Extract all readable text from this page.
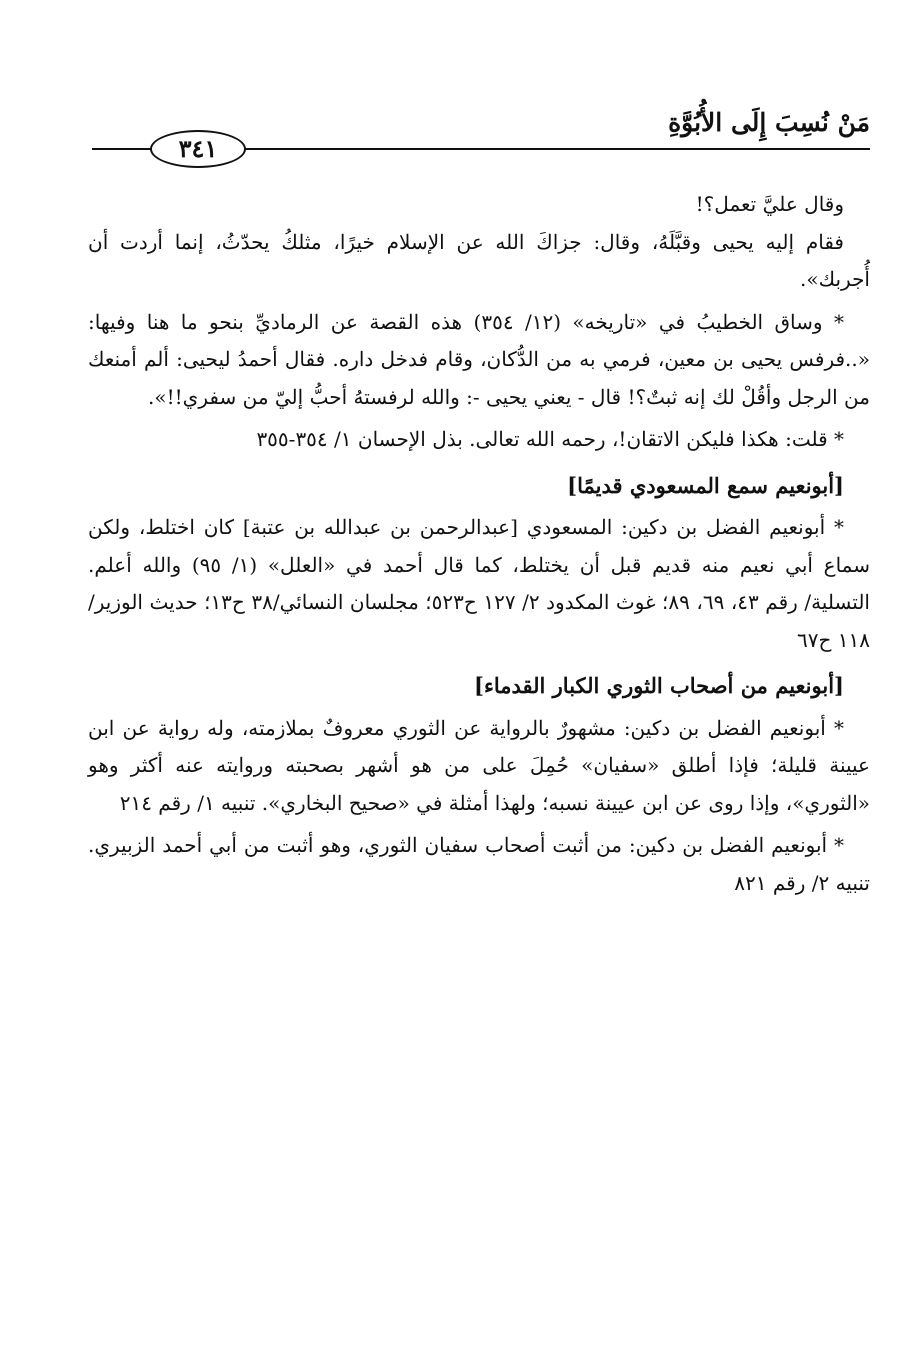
مَنْ نُسِبَ إِلَى الأُبُوَّةِ
٣٤١

وقال عليَّ تعمل؟!

فقام إليه يحيى وقبَّلَهُ، وقال: جزاكَ الله عن الإسلام خيرًا، مثلكُ يحدّثُ، إنما أردت أن أُجربك».

* وساق الخطيبُ في «تاريخه» (١٢/ ٣٥٤) هذه القصة عن الرماديِّ بنحو ما هنا وفيها: «..فرفس يحيى بن معين، فرمي به من الدُّكان، وقام فدخل داره. فقال أحمدُ ليحيى: ألم أمنعك من الرجل وأقُلْ لك إنه ثبتٌ؟! قال - يعني يحيى -: والله لرفستهُ أحبُّ إليّ من سفري!!».

* قلت: هكذا فليكن الاتقان!، رحمه الله تعالى. بذل الإحسان ١/ ٣٥٤-٣٥٥

[أبونعيم سمع المسعودي قديمًا]

* أبونعيم الفضل بن دكين: المسعودي [عبدالرحمن بن عبدالله بن عتبة] كان اختلط، ولكن سماع أبي نعيم منه قديم قبل أن يختلط، كما قال أحمد في «العلل» (١/ ٩٥) والله أعلم. التسلية/ رقم ٤٣، ٦٩، ٨٩؛ غوث المكدود ٢/ ١٢٧ ح٥٢٣؛ مجلسان النسائي/٣٨ ح١٣؛ حديث الوزير/١١٨ ح٦٧

[أبونعيم من أصحاب الثوري الكبار القدماء]

* أبونعيم الفضل بن دكين: مشهورٌ بالرواية عن الثوري معروفٌ بملازمته، وله رواية عن ابن عيينة قليلة؛ فإذا أطلق «سفيان» حُمِلَ على من هو أشهر بصحبته وروايته عنه أكثر وهو «الثوري»، وإذا روى عن ابن عيينة نسبه؛ ولهذا أمثلة في «صحيح البخاري». تنبيه ١/ رقم ٢١٤

* أبونعيم الفضل بن دكين: من أثبت أصحاب سفيان الثوري، وهو أثبت من أبي أحمد الزبيري. تنبيه ٢/ رقم ٨٢١
